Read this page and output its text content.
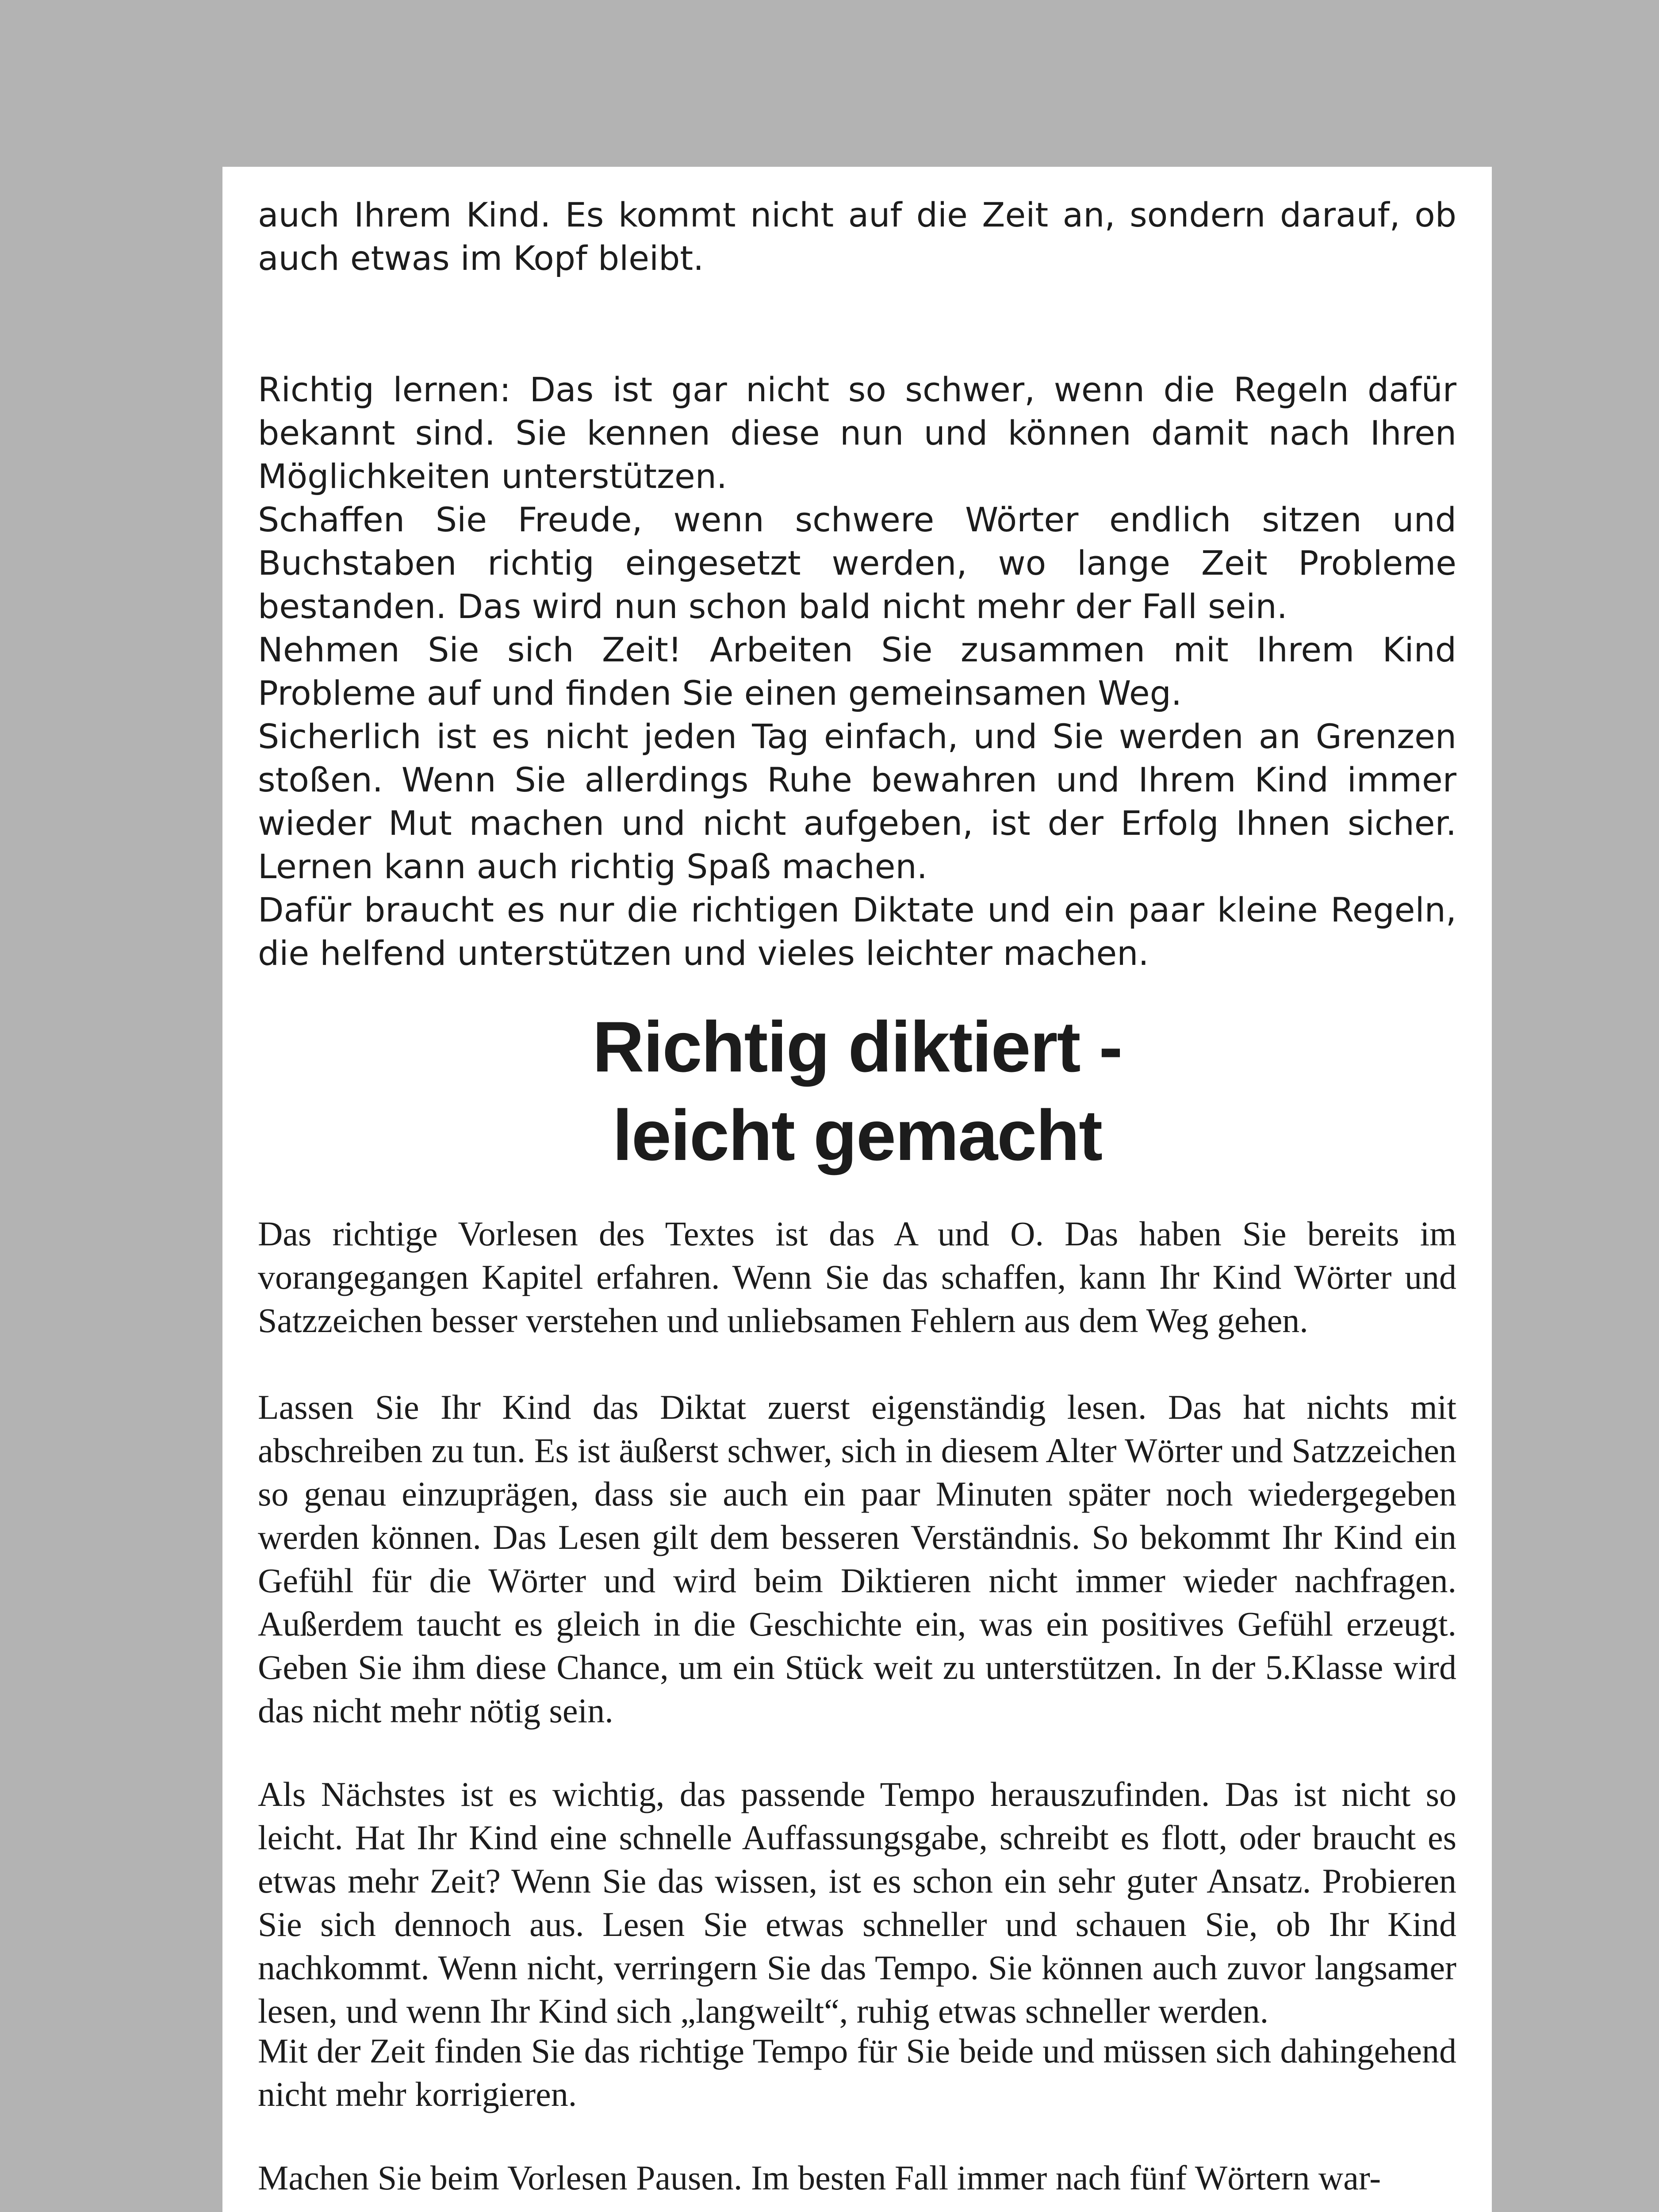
auch Ihrem Kind. Es kommt nicht auf die Zeit an, sondern darauf, ob auch etwas im Kopf bleibt.

Richtig lernen: Das ist gar nicht so schwer, wenn die Regeln dafür bekannt sind. Sie kennen diese nun und können damit nach Ihren Möglichkeiten unterstützen.

Schaffen Sie Freude, wenn schwere Wörter endlich sitzen und Buchstaben richtig eingesetzt werden, wo lange Zeit Probleme bestanden. Das wird nun schon bald nicht mehr der Fall sein.

Nehmen Sie sich Zeit! Arbeiten Sie zusammen mit Ihrem Kind Probleme auf und finden Sie einen gemeinsamen Weg.

Sicherlich ist es nicht jeden Tag einfach, und Sie werden an Grenzen stoßen. Wenn Sie allerdings Ruhe bewahren und Ihrem Kind immer wieder Mut machen und nicht aufgeben, ist der Erfolg Ihnen sicher. Lernen kann auch richtig Spaß machen.

Dafür braucht es nur die richtigen Diktate und ein paar kleine Regeln, die helfend unterstützen und vieles leichter machen.

Richtig diktiert -
leicht gemacht

Das richtige Vorlesen des Textes ist das A und O. Das haben Sie bereits im vorangegangen Kapitel erfahren. Wenn Sie das schaffen, kann Ihr Kind Wörter und Satzzeichen besser verstehen und unliebsamen Fehlern aus dem Weg gehen.

Lassen Sie Ihr Kind das Diktat zuerst eigenständig lesen. Das hat nichts mit abschreiben zu tun. Es ist äußerst schwer, sich in diesem Alter Wörter und Satzzeichen so genau einzuprägen, dass sie auch ein paar Minuten später noch wiedergegeben werden können. Das Lesen gilt dem besseren Verständnis. So bekommt Ihr Kind ein Gefühl für die Wörter und wird beim Diktieren nicht immer wieder nachfragen. Außerdem taucht es gleich in die Geschichte ein, was ein positives Gefühl erzeugt. Geben Sie ihm diese Chance, um ein Stück weit zu unterstützen. In der 5.Klasse wird das nicht mehr nötig sein.

Als Nächstes ist es wichtig, das passende Tempo herauszufinden. Das ist nicht so leicht. Hat Ihr Kind eine schnelle Auffassungsgabe, schreibt es flott, oder braucht es etwas mehr Zeit? Wenn Sie das wissen, ist es schon ein sehr guter Ansatz. Probieren Sie sich dennoch aus. Lesen Sie etwas schneller und schauen Sie, ob Ihr Kind nachkommt. Wenn nicht, verringern Sie das Tempo. Sie können auch zuvor langsamer lesen, und wenn Ihr Kind sich „langweilt“, ruhig etwas schneller werden.

Mit der Zeit finden Sie das richtige Tempo für Sie beide und müssen sich dahingehend nicht mehr korrigieren.

Machen Sie beim Vorlesen Pausen. Im besten Fall immer nach fünf Wörtern war-
